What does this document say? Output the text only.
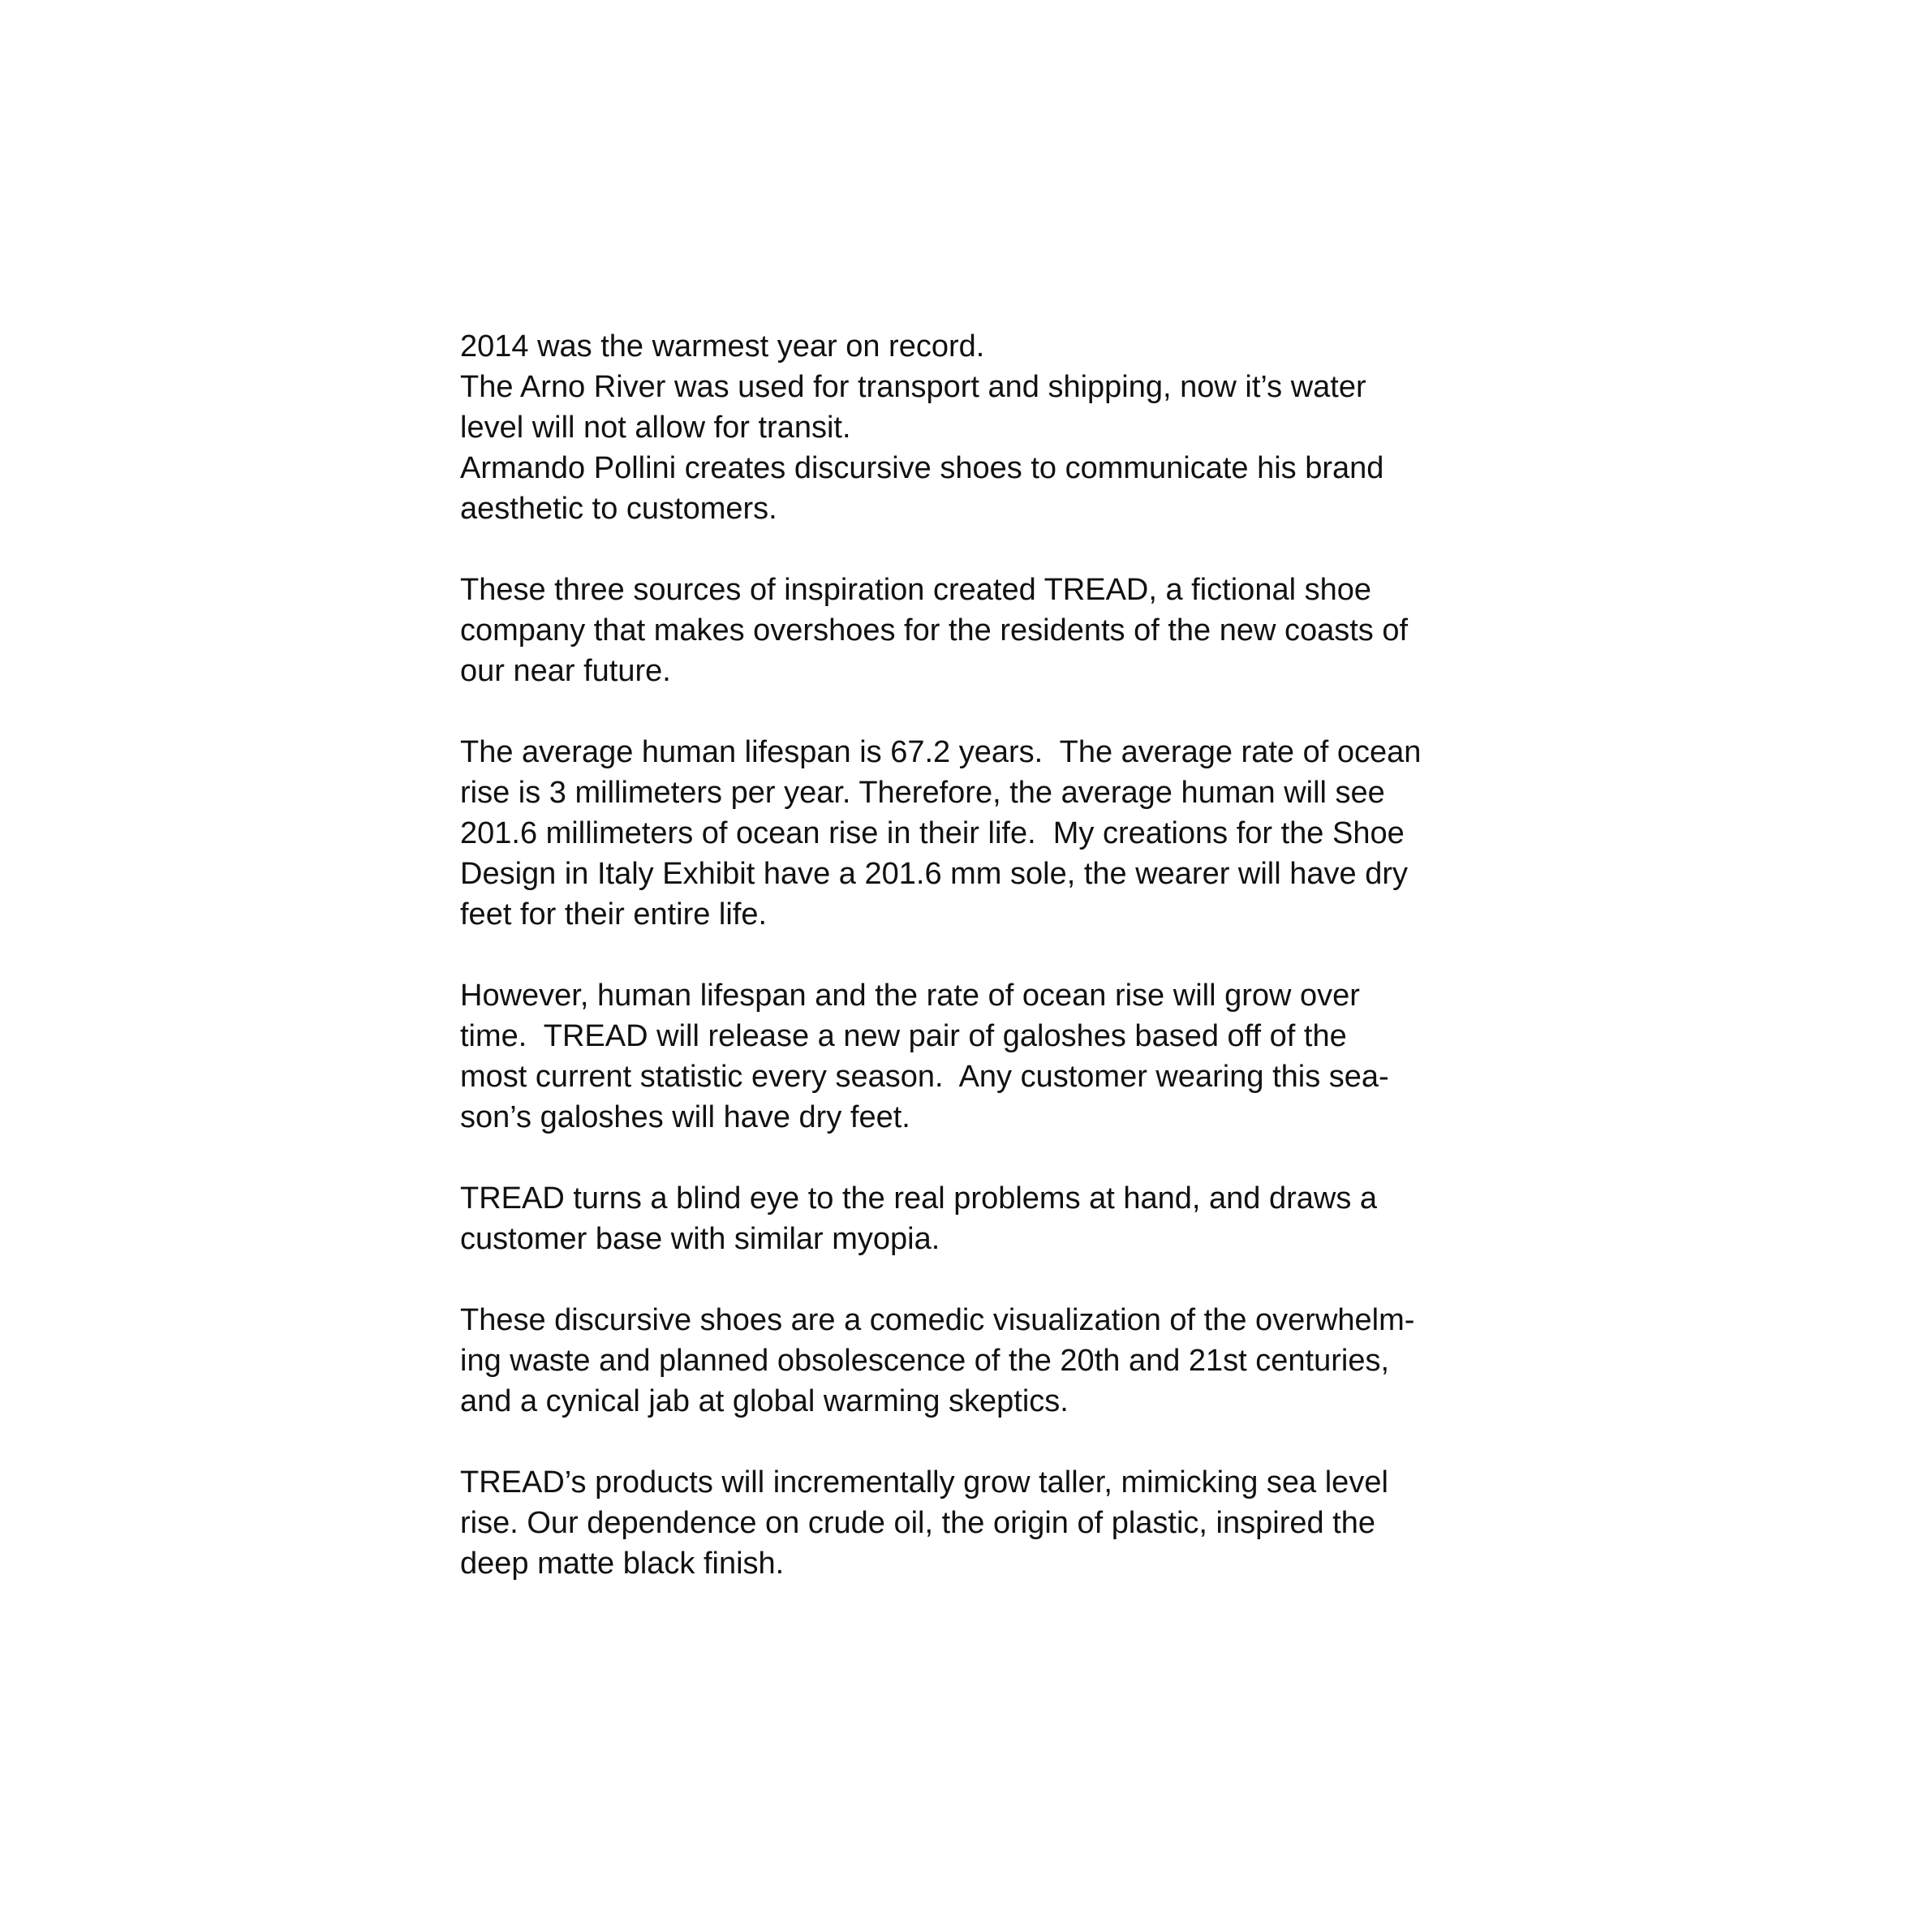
2014 was the warmest year on record.
The Arno River was used for transport and shipping, now it’s water
level will not allow for transit.
Armando Pollini creates discursive shoes to communicate his brand
aesthetic to customers.
These three sources of inspiration created TREAD, a fictional shoe
company that makes overshoes for the residents of the new coasts of
our near future.
The average human lifespan is 67.2 years.  The average rate of ocean
rise is 3 millimeters per year. Therefore, the average human will see
201.6 millimeters of ocean rise in their life.  My creations for the Shoe
Design in Italy Exhibit have a 201.6 mm sole, the wearer will have dry
feet for their entire life.
However, human lifespan and the rate of ocean rise will grow over
time.  TREAD will release a new pair of galoshes based off of the
most current statistic every season.  Any customer wearing this sea-
son’s galoshes will have dry feet.
TREAD turns a blind eye to the real problems at hand, and draws a
customer base with similar myopia.
These discursive shoes are a comedic visualization of the overwhelm-
ing waste and planned obsolescence of the 20th and 21st centuries,
and a cynical jab at global warming skeptics.
TREAD’s products will incrementally grow taller, mimicking sea level
rise. Our dependence on crude oil, the origin of plastic, inspired the
deep matte black finish.
